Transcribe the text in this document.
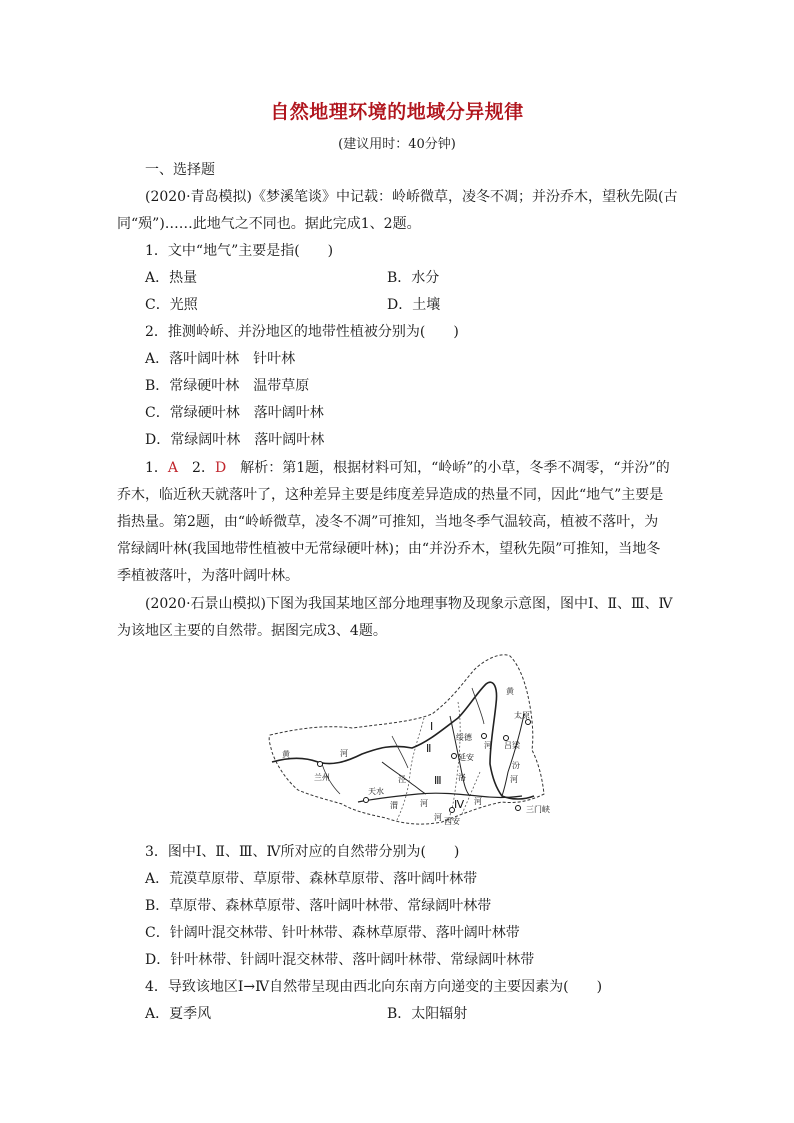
自然地理环境的地域分异规律
(建议用时：40分钟)
一、选择题
(2020·青岛模拟)《梦溪笔谈》中记载：岭峤微草，凌冬不凋；并汾乔木，望秋先陨(古
同“殒”)……此地气之不同也。据此完成1、2题。
1．文中“地气”主要是指(　　)
A．热量	B．水分
C．光照	D．土壤
2．推测岭峤、并汾地区的地带性植被分别为(　　)
A．落叶阔叶林　针叶林
B．常绿硬叶林　温带草原
C．常绿硬叶林　落叶阔叶林
D．常绿阔叶林　落叶阔叶林
1．A　2．D　解析：第1题，根据材料可知，“岭峤”的小草，冬季不凋零，“并汾”的
乔木，临近秋天就落叶了，这种差异主要是纬度差异造成的热量不同，因此“地气”主要是
指热量。第2题，由“岭峤微草，凌冬不凋”可推知，当地冬季气温较高，植被不落叶，为
常绿阔叶林(我国地带性植被中无常绿硬叶林)；由“并汾乔木，望秋先陨”可推知，当地冬
季植被落叶，为落叶阔叶林。
(2020·石景山模拟)下图为我国某地区部分地理事物及现象示意图，图中Ⅰ、Ⅱ、Ⅲ、Ⅳ
为该地区主要的自然带。据图完成3、4题。
Ⅰ
Ⅱ
Ⅲ
Ⅳ
兰州
天水
西安
延安
绥德
吕梁
太原
三门峡
黄	河
黄
河
渭	河
洛
河
泾
河
汾
河
3．图中Ⅰ、Ⅱ、Ⅲ、Ⅳ所对应的自然带分别为(　　)
A．荒漠草原带、草原带、森林草原带、落叶阔叶林带
B．草原带、森林草原带、落叶阔叶林带、常绿阔叶林带
C．针阔叶混交林带、针叶林带、森林草原带、落叶阔叶林带
D．针叶林带、针阔叶混交林带、落叶阔叶林带、常绿阔叶林带
4．导致该地区Ⅰ→Ⅳ自然带呈现由西北向东南方向递变的主要因素为(　　)
A．夏季风	B．太阳辐射
